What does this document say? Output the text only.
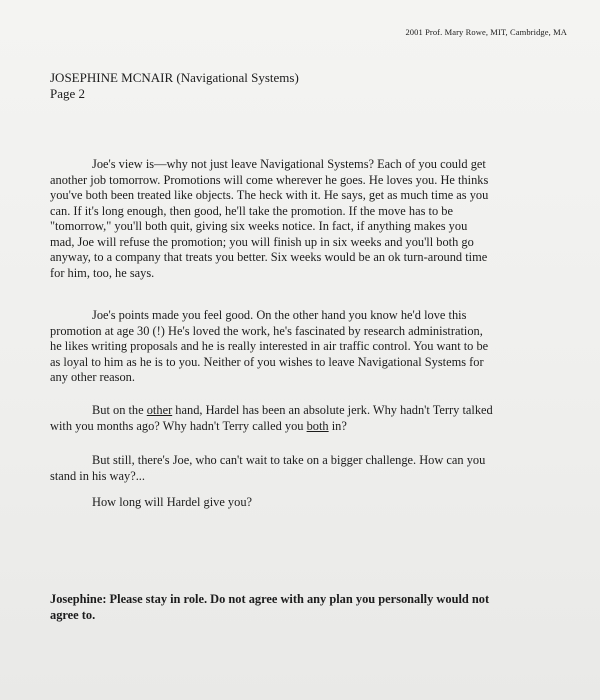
2001 Prof. Mary Rowe, MIT, Cambridge, MA
JOSEPHINE MCNAIR (Navigational Systems)
Page 2

Joe's view is—why not just leave Navigational Systems? Each of you could get
another job tomorrow. Promotions will come wherever he goes. He loves you. He thinks
you've both been treated like objects. The heck with it. He says, get as much time as you
can. If it's long enough, then good, he'll take the promotion. If the move has to be
"tomorrow," you'll both quit, giving six weeks notice. In fact, if anything makes you
mad, Joe will refuse the promotion; you will finish up in six weeks and you'll both go
anyway, to a company that treats you better. Six weeks would be an ok turn-around time
for him, too, he says.

Joe's points made you feel good. On the other hand you know he'd love this
promotion at age 30 (!) He's loved the work, he's fascinated by research administration,
he likes writing proposals and he is really interested in air traffic control. You want to be
as loyal to him as he is to you. Neither of you wishes to leave Navigational Systems for
any other reason.

But on the other hand, Hardel has been an absolute jerk. Why hadn't Terry talked
with you months ago? Why hadn't Terry called you both in?

But still, there's Joe, who can't wait to take on a bigger challenge. How can you
stand in his way?...

How long will Hardel give you?

Josephine: Please stay in role. Do not agree with any plan you personally would not
agree to.
